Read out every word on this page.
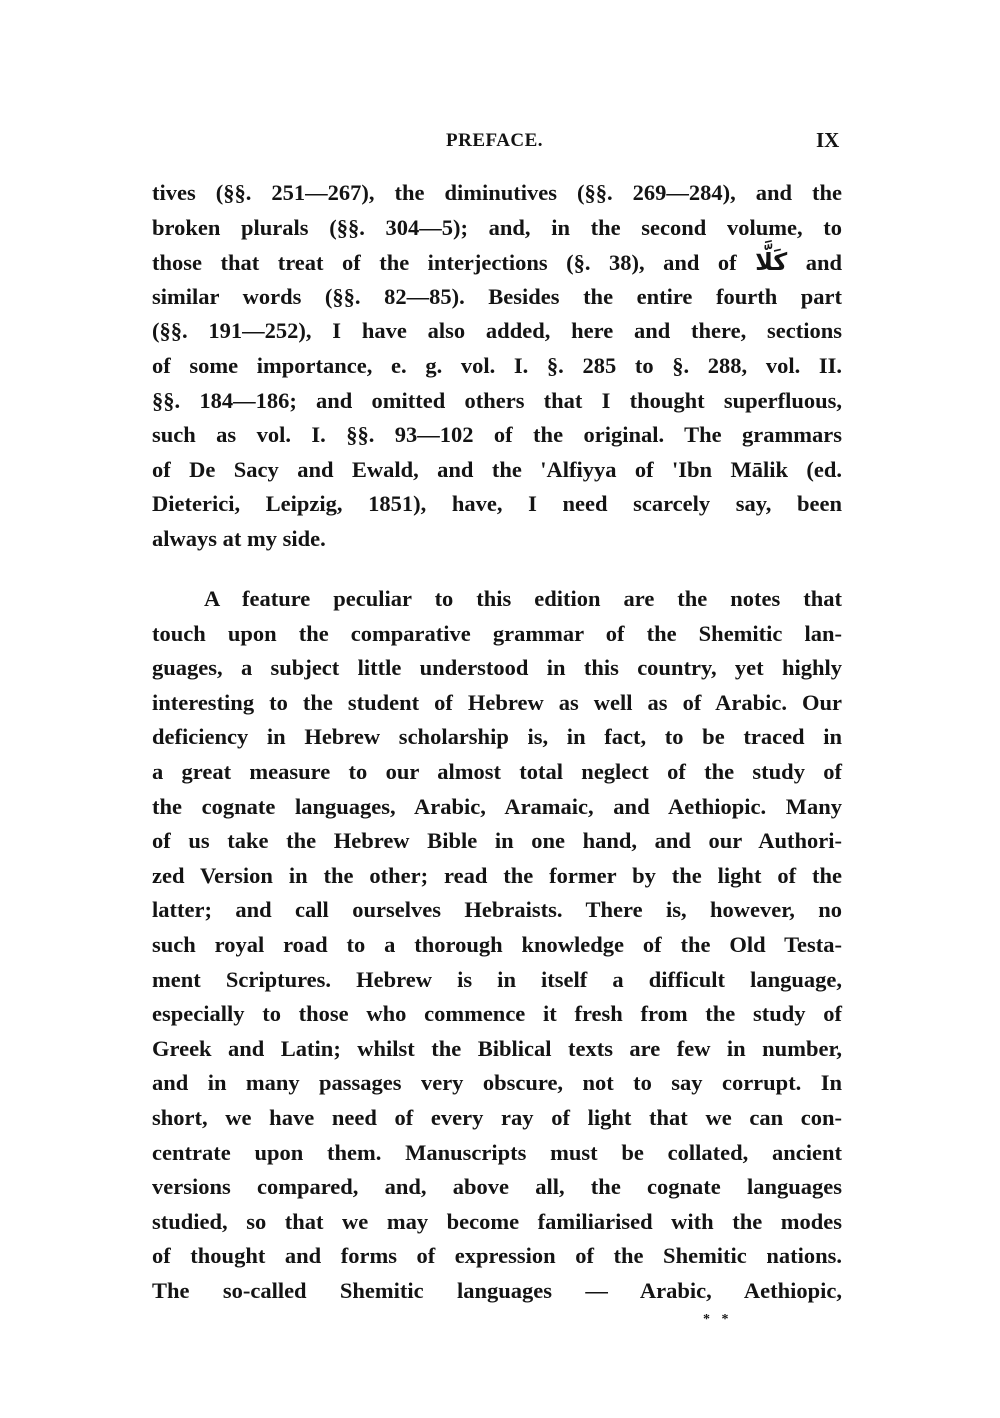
PREFACE.	IX
tives (§§. 251—267), the diminutives (§§. 269—284), and the
broken plurals (§§. 304—5); and, in the second volume, to
those that treat of the interjections (§. 38), and of كَلَّا and
similar words (§§. 82—85). Besides the entire fourth part
(§§. 191—252), I have also added, here and there, sections
of some importance, e. g. vol. I. §. 285 to §. 288, vol. II.
§§. 184—186; and omitted others that I thought superfluous,
such as vol. I. §§. 93—102 of the original. The grammars
of De Sacy and Ewald, and the 'Alfiyya of 'Ibn Mālik (ed.
Dieterici, Leipzig, 1851), have, I need scarcely say, been
always at my side.
A feature peculiar to this edition are the notes that
touch upon the comparative grammar of the Shemitic lan-
guages, a subject little understood in this country, yet highly
interesting to the student of Hebrew as well as of Arabic. Our
deficiency in Hebrew scholarship is, in fact, to be traced in
a great measure to our almost total neglect of the study of
the cognate languages, Arabic, Aramaic, and Aethiopic. Many
of us take the Hebrew Bible in one hand, and our Authori-
zed Version in the other; read the former by the light of the
latter; and call ourselves Hebraists. There is, however, no
such royal road to a thorough knowledge of the Old Testa-
ment Scriptures. Hebrew is in itself a difficult language,
especially to those who commence it fresh from the study of
Greek and Latin; whilst the Biblical texts are few in number,
and in many passages very obscure, not to say corrupt. In
short, we have need of every ray of light that we can con-
centrate upon them. Manuscripts must be collated, ancient
versions compared, and, above all, the cognate languages
studied, so that we may become familiarised with the modes
of thought and forms of expression of the Shemitic nations.
The so-called Shemitic languages — Arabic, Aethiopic,
* *
